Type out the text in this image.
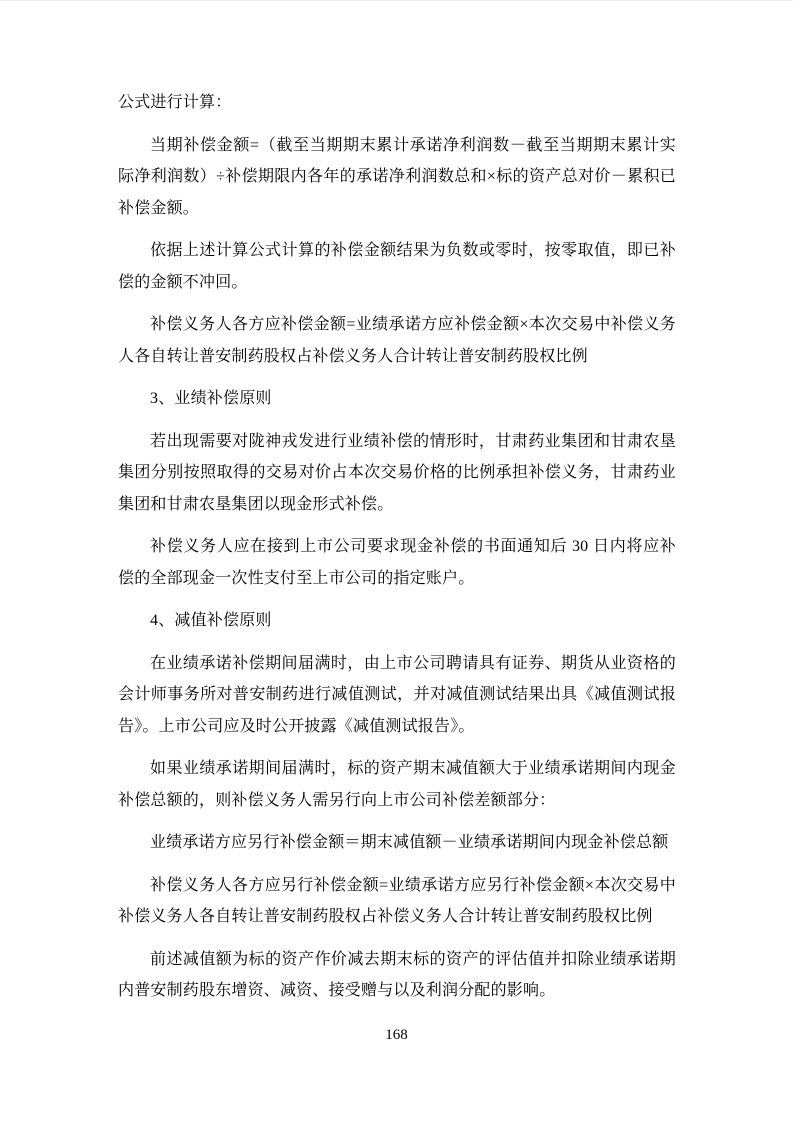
公式进行计算：

当期补偿金额=（截至当期期末累计承诺净利润数－截至当期期末累计实际净利润数）÷补偿期限内各年的承诺净利润数总和×标的资产总对价－累积已补偿金额。

依据上述计算公式计算的补偿金额结果为负数或零时，按零取值，即已补偿的金额不冲回。

补偿义务人各方应补偿金额=业绩承诺方应补偿金额×本次交易中补偿义务人各自转让普安制药股权占补偿义务人合计转让普安制药股权比例

3、业绩补偿原则

若出现需要对陇神戎发进行业绩补偿的情形时，甘肃药业集团和甘肃农垦集团分别按照取得的交易对价占本次交易价格的比例承担补偿义务，甘肃药业集团和甘肃农垦集团以现金形式补偿。

补偿义务人应在接到上市公司要求现金补偿的书面通知后 30 日内将应补偿的全部现金一次性支付至上市公司的指定账户。

4、减值补偿原则

在业绩承诺补偿期间届满时，由上市公司聘请具有证券、期货从业资格的会计师事务所对普安制药进行减值测试，并对减值测试结果出具《减值测试报告》。上市公司应及时公开披露《减值测试报告》。

如果业绩承诺期间届满时，标的资产期末减值额大于业绩承诺期间内现金补偿总额的，则补偿义务人需另行向上市公司补偿差额部分：

业绩承诺方应另行补偿金额＝期末减值额－业绩承诺期间内现金补偿总额

补偿义务人各方应另行补偿金额=业绩承诺方应另行补偿金额×本次交易中补偿义务人各自转让普安制药股权占补偿义务人合计转让普安制药股权比例

前述减值额为标的资产作价减去期末标的资产的评估值并扣除业绩承诺期内普安制药股东增资、减资、接受赠与以及利润分配的影响。

168
